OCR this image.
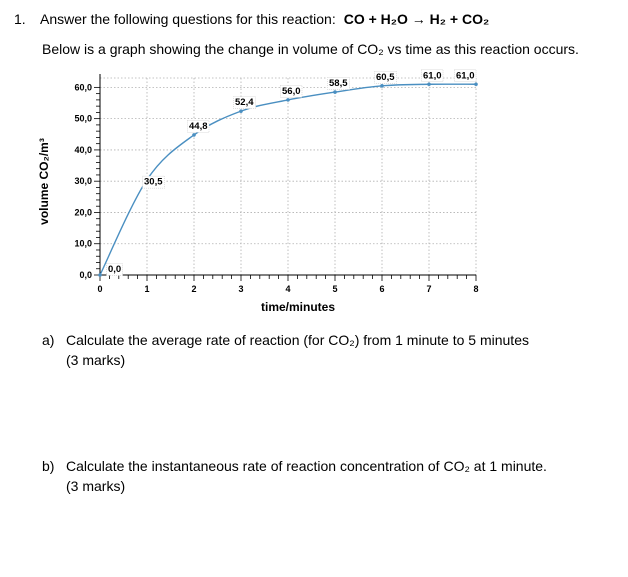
1. Answer the following questions for this reaction: CO + H₂O → H₂ + CO₂
Below is a graph showing the change in volume of CO₂ vs time as this reaction occurs.
0,0
10,0
20,0
30,0
40,0
50,0
60,0
0	1	2	3	4	5	6	7	8
time/minutes
volume CO₂/m³
0,0
30,5
44,8
52,4
56,0
58,5
60,5	61,0 61,0
a) Calculate the average rate of reaction (for CO₂) from 1 minute to 5 minutes
(3 marks)
b) Calculate the instantaneous rate of reaction concentration of CO₂ at 1 minute.
(3 marks)
